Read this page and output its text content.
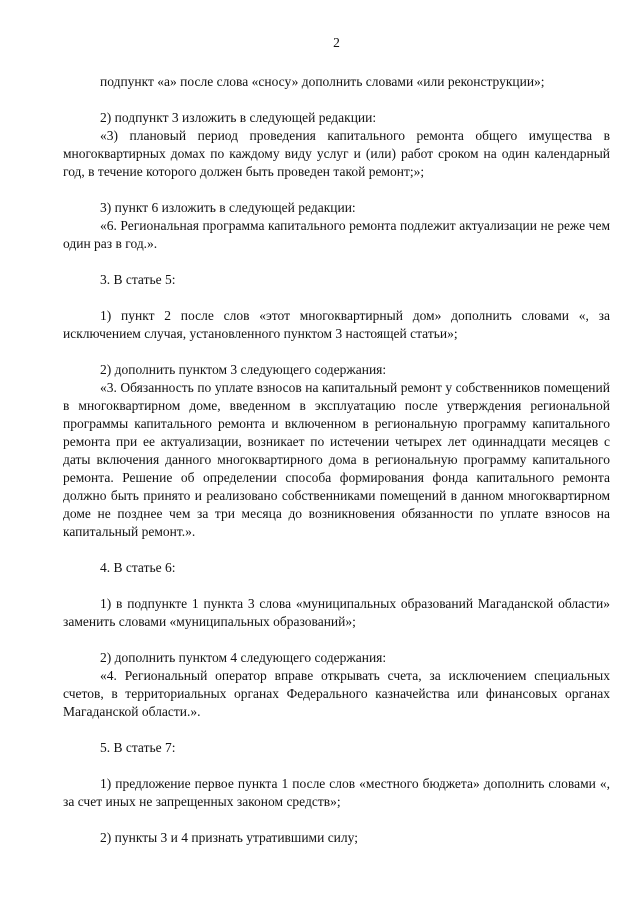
2

подпункт «а» после слова «сносу» дополнить словами «или реконструкции»;

2) подпункт 3 изложить в следующей редакции:

«3) плановый период проведения капитального ремонта общего имущества в многоквартирных домах по каждому виду услуг и (или) работ сроком на один календарный год, в течение которого должен быть проведен такой ремонт;»;

3) пункт 6 изложить в следующей редакции:

«6. Региональная программа капитального ремонта подлежит актуализации не реже чем один раз в год.».

3. В статье 5:

1) пункт 2 после слов «этот многоквартирный дом» дополнить словами «, за исключением случая, установленного пунктом 3 настоящей статьи»;

2) дополнить пунктом 3 следующего содержания:

«3. Обязанность по уплате взносов на капитальный ремонт у собственников помещений в многоквартирном доме, введенном в эксплуатацию после утверждения региональной программы капитального ремонта и включенном в региональную программу капитального ремонта при ее актуализации, возникает по истечении четырех лет одиннадцати месяцев с даты включения данного многоквартирного дома в региональную программу капитального ремонта. Решение об определении способа формирования фонда капитального ремонта должно быть принято и реализовано собственниками помещений в данном многоквартирном доме не позднее чем за три месяца до возникновения обязанности по уплате взносов на капитальный ремонт.».

4. В статье 6:

1) в подпункте 1 пункта 3 слова «муниципальных образований Магаданской области» заменить словами «муниципальных образований»;

2) дополнить пунктом 4 следующего содержания:

«4. Региональный оператор вправе открывать счета, за исключением специальных счетов, в территориальных органах Федерального казначейства или финансовых органах Магаданской области.».

5. В статье 7:

1) предложение первое пункта 1 после слов «местного бюджета» дополнить словами «, за счет иных не запрещенных законом средств»;

2) пункты 3 и 4 признать утратившими силу;
